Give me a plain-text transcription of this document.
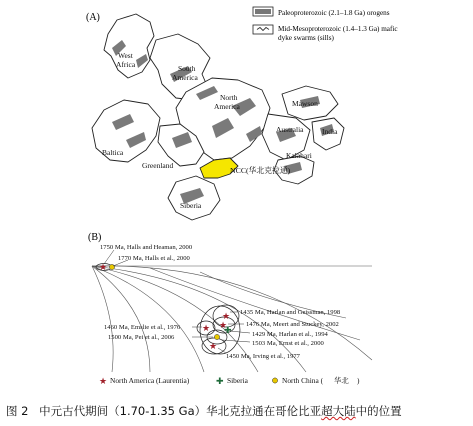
(A)	Paleoproterozoic (2.1–1.8 Ga) orogens
Mid-Mesoproterozoic (1.4–1.3 Ga) mafic
dyke swarms (sills)
West
Africa	South
America
North
America	Mawson
Australia India
Kalahari
Baltica
Greenland
NCC(华北克拉通)
Siberia
(B)
★
★
★
★ ✚
★
1750 Ma, Halls and Heaman, 2000
1770 Ma, Halls et al., 2000
1435 Ma, Harlan and Geissman, 1998
1476 Ma, Meert and Stuckey, 2002
1460 Ma, Emslie et al., 1976
1429 Ma, Harlan et al., 1994
1500 Ma, Pei et al., 2006
1503 Ma, Ernst et al., 2000
1450 Ma, Irving et al., 1977
★ North America (Laurentia)	✚ Siberia	North China ( 华北 )
图 2 中元古代期间（1.70-1.35 Ga）华北克拉通在哥伦比亚超大陆中的位置
